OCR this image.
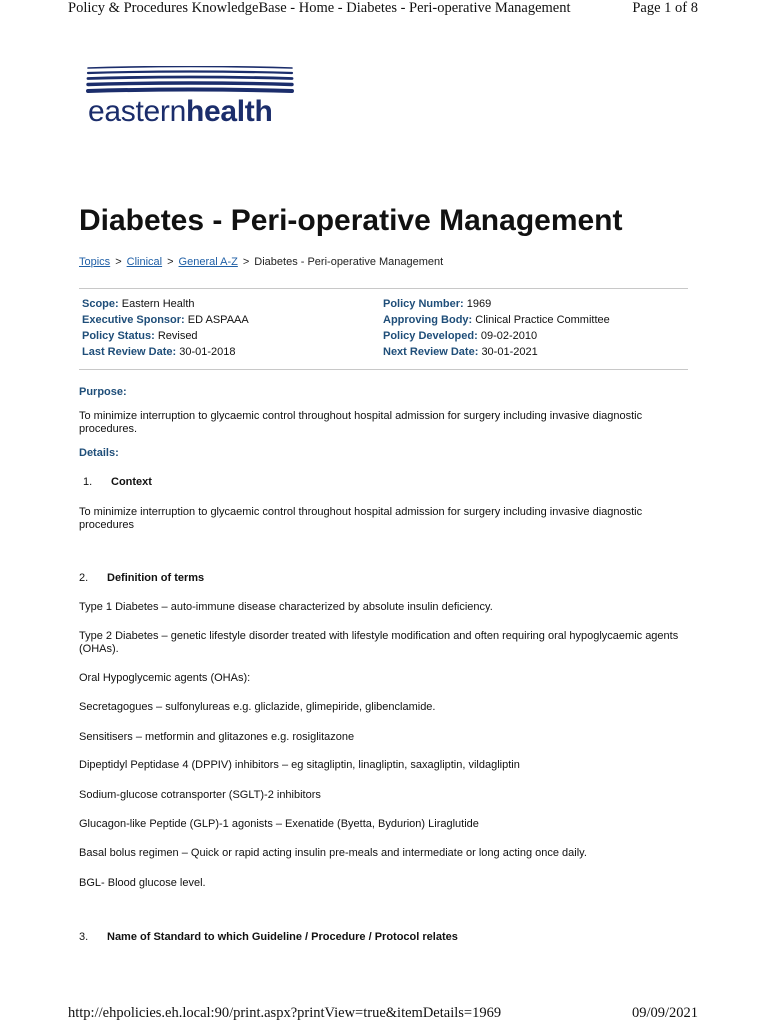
Policy & Procedures KnowledgeBase - Home - Diabetes - Peri-operative Management	Page 1 of 8
easternhealth
Diabetes - Peri-operative Management
Topics > Clinical > General A-Z > Diabetes - Peri-operative Management
Scope: Eastern Health
Executive Sponsor: ED ASPAAA
Policy Status: Revised
Last Review Date: 30-01-2018
Policy Number: 1969
Approving Body: Clinical Practice Committee
Policy Developed: 09-02-2010
Next Review Date: 30-01-2021
Purpose:
To minimize interruption to glycaemic control throughout hospital admission for surgery including invasive diagnostic procedures.
Details:
1. Context
To minimize interruption to glycaemic control throughout hospital admission for surgery including invasive diagnostic procedures
2. Definition of terms
Type 1 Diabetes – auto-immune disease characterized by absolute insulin deficiency.
Type 2 Diabetes – genetic lifestyle disorder treated with lifestyle modification and often requiring oral hypoglycaemic agents (OHAs).
Oral Hypoglycemic agents (OHAs):
Secretagogues – sulfonylureas e.g. gliclazide, glimepiride, glibenclamide.
Sensitisers – metformin and glitazones e.g. rosiglitazone
Dipeptidyl Peptidase 4 (DPPIV) inhibitors – eg sitagliptin, linagliptin, saxagliptin, vildagliptin
Sodium-glucose cotransporter (SGLT)-2 inhibitors
Glucagon-like Peptide (GLP)-1 agonists – Exenatide (Byetta, Bydurion) Liraglutide
Basal bolus regimen – Quick or rapid acting insulin pre-meals and intermediate or long acting once daily.
BGL- Blood glucose level.
3. Name of Standard to which Guideline / Procedure / Protocol relates
http://ehpolicies.eh.local:90/print.aspx?printView=true&itemDetails=1969	09/09/2021
